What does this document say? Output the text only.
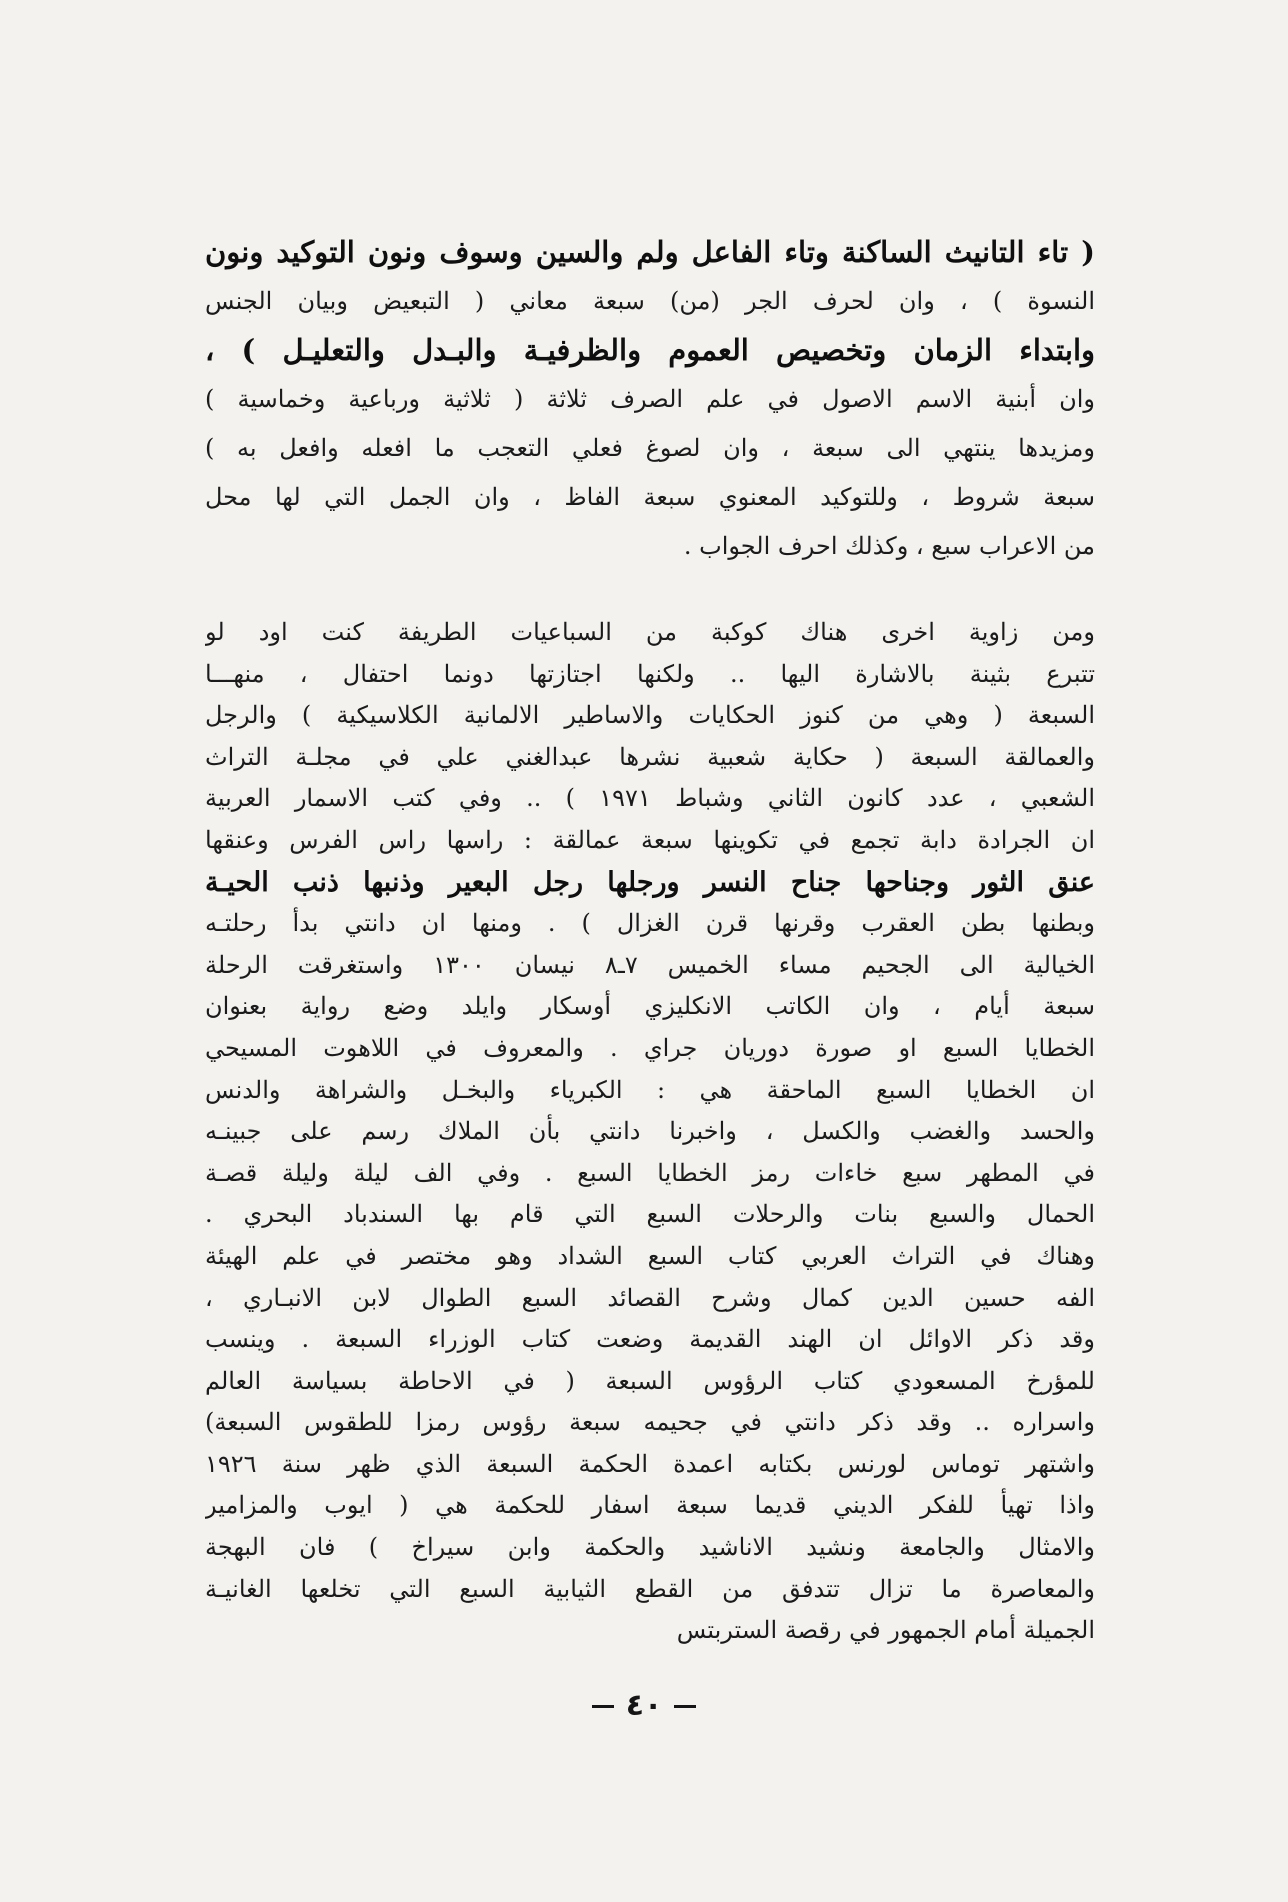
( تاء التانيث الساكنة وتاء الفاعل ولم والسين وسوف ونون التوكيد ونون
النسوة ) ، وان لحرف الجر (من) سبعة معاني ( التبعيض وبيان الجنس
وابتداء الزمان وتخصيص العموم والظرفيـة والبـدل والتعليـل ) ،
وان أبنية الاسم الاصول في علم الصرف ثلاثة ( ثلاثية ورباعية وخماسية )
ومزيدها ينتهي الى سبعة ، وان لصوغ فعلي التعجب ما افعله وافعل به )
سبعة شروط ، وللتوكيد المعنوي سبعة الفاظ ، وان الجمل التي لها محل
من الاعراب سبع ، وكذلك احرف الجواب .
ومن زاوية اخرى هناك كوكبة من السباعيات الطريفة كنت اود لو
تتبرع بثينة بالاشارة اليها .. ولكنها اجتازتها دونما احتفال ، منهـــا
السبعة ( وهي من كنوز الحكايات والاساطير الالمانية الكلاسيكية ) والرجل
والعمالقة السبعة ( حكاية شعبية نشرها عبدالغني علي في مجلـة التراث
الشعبي ، عدد كانون الثاني وشباط ١٩٧١ ) .. وفي كتب الاسمار العربية
ان الجرادة دابة تجمع في تكوينها سبعة عمالقة : راسها راس الفرس وعنقها
عنق الثور وجناحها جناح النسر ورجلها رجل البعير وذنبها ذنب الحيـة
وبطنها بطن العقرب وقرنها قرن الغزال ) . ومنها ان دانتي بدأ رحلتـه
الخيالية الى الجحيم مساء الخميس ٧ـ٨ نيسان ١٣٠٠ واستغرقت الرحلة
سبعة أيام ، وان الكاتب الانكليزي أوسكار وايلد وضع رواية بعنوان
الخطايا السبع او صورة دوريان جراي . والمعروف في اللاهوت المسيحي
ان الخطايا السبع الماحقة هي : الكبرياء والبخـل والشراهة والدنس
والحسد والغضب والكسل ، واخبرنا دانتي بأن الملاك رسم على جبينـه
في المطهر سبع خاءات رمز الخطايا السبع . وفي الف ليلة وليلة قصـة
الحمال والسبع بنات والرحلات السبع التي قام بها السندباد البحري .
وهناك في التراث العربي كتاب السبع الشداد وهو مختصر في علم الهيئة
الفه حسين الدين كمال وشرح القصائد السبع الطوال لابن الانبـاري ،
وقد ذكر الاوائل ان الهند القديمة وضعت كتاب الوزراء السبعة . وينسب
للمؤرخ المسعودي كتاب الرؤوس السبعة ( في الاحاطة بسياسة العالم
واسراره .. وقد ذكر دانتي في جحيمه سبعة رؤوس رمزا للطقوس السبعة)
واشتهر توماس لورنس بكتابه اعمدة الحكمة السبعة الذي ظهر سنة ١٩٢٦
واذا تهيأ للفكر الديني قديما سبعة اسفار للحكمة هي ( ايوب والمزامير
والامثال والجامعة ونشيد الاناشيد والحكمة وابن سيراخ ) فان البهجة
والمعاصرة ما تزال تتدفق من القطع الثيابية السبع التي تخلعها الغانيـة
الجميلة أمام الجمهور في رقصة الستربتس
٤٠
